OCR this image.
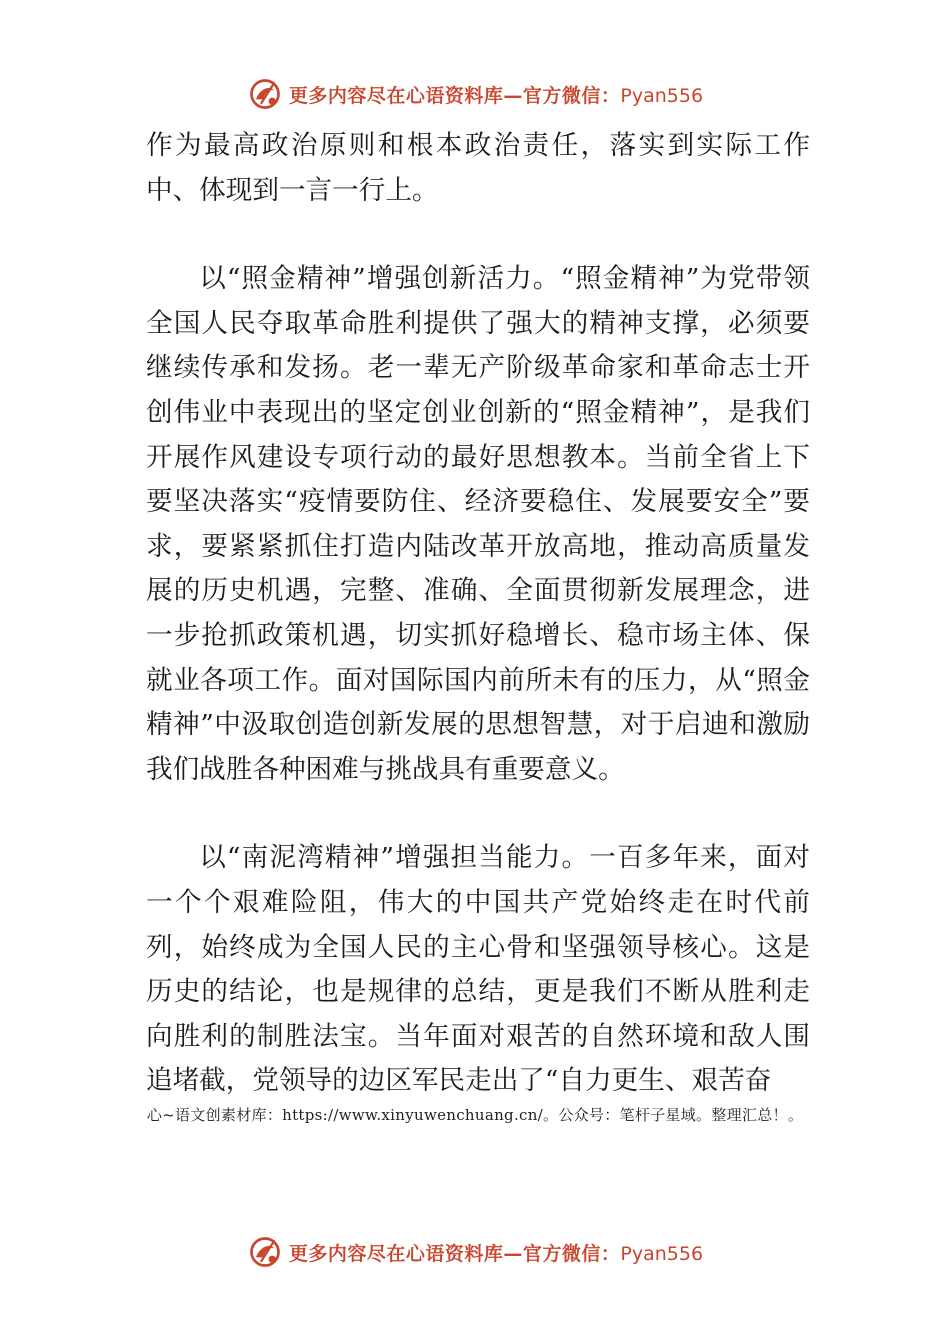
更多内容尽在心语资料库—官方微信：Pyan556

作为最高政治原则和根本政治责任，落实到实际工作中、体现到一言一行上。

以“照金精神”增强创新活力。“照金精神”为党带领全国人民夺取革命胜利提供了强大的精神支撑，必须要继续传承和发扬。老一辈无产阶级革命家和革命志士开创伟业中表现出的坚定创业创新的“照金精神”，是我们开展作风建设专项行动的最好思想教本。当前全省上下要坚决落实“疫情要防住、经济要稳住、发展要安全”要求，要紧紧抓住打造内陆改革开放高地，推动高质量发展的历史机遇，完整、准确、全面贯彻新发展理念，进一步抢抓政策机遇，切实抓好稳增长、稳市场主体、保就业各项工作。面对国际国内前所未有的压力，从“照金精神”中汲取创造创新发展的思想智慧，对于启迪和激励我们战胜各种困难与挑战具有重要意义。

以“南泥湾精神”增强担当能力。一百多年来，面对一个个艰难险阻，伟大的中国共产党始终走在时代前列，始终成为全国人民的主心骨和坚强领导核心。这是历史的结论，也是规律的总结，更是我们不断从胜利走向胜利的制胜法宝。当年面对艰苦的自然环境和敌人围追堵截，党领导的边区军民走出了“自力更生、艰苦奋

心~语文创素材库：https://www.xinyuwenchuang.cn/。公众号：笔杆子星域。整理汇总！。
更多内容尽在心语资料库—官方微信：Pyan556
